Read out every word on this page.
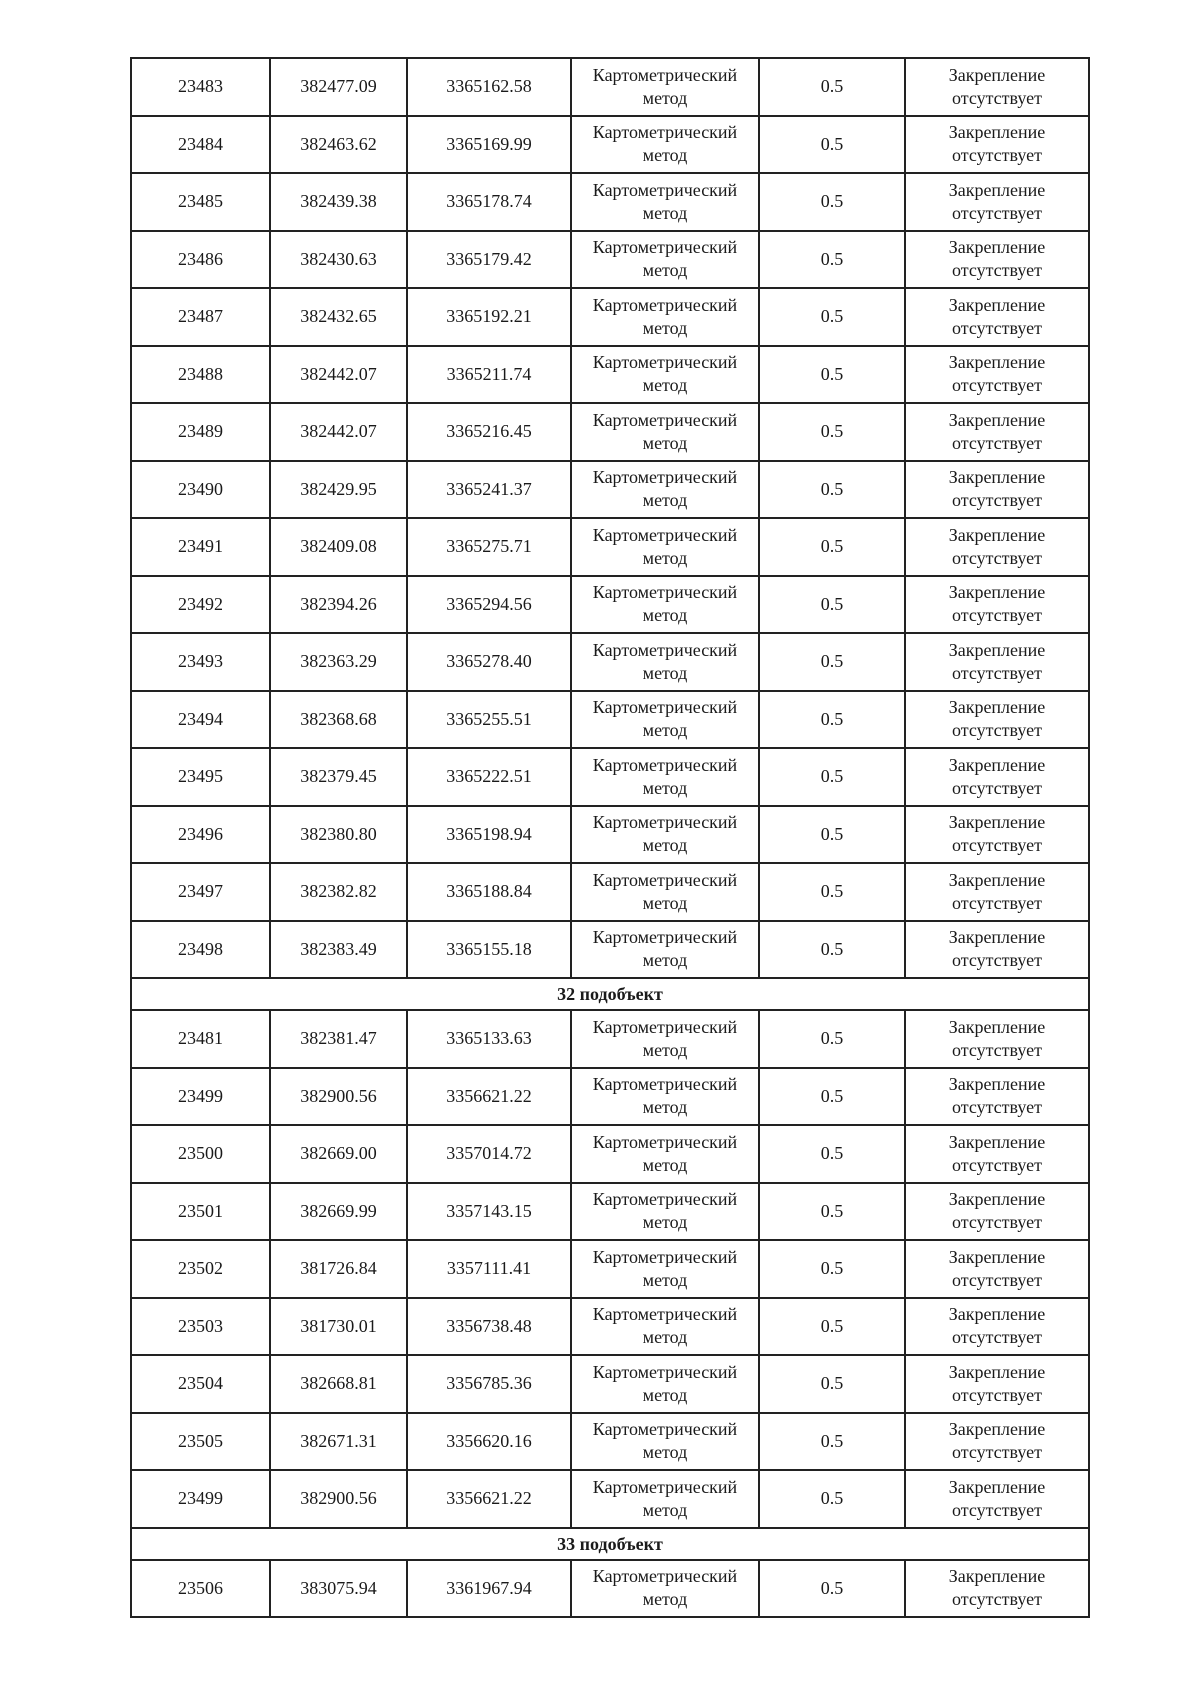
23483	382477.09	3365162.58	Картометрический метод	0.5	Закрепление отсутствует
23484	382463.62	3365169.99	Картометрический метод	0.5	Закрепление отсутствует
23485	382439.38	3365178.74	Картометрический метод	0.5	Закрепление отсутствует
23486	382430.63	3365179.42	Картометрический метод	0.5	Закрепление отсутствует
23487	382432.65	3365192.21	Картометрический метод	0.5	Закрепление отсутствует
23488	382442.07	3365211.74	Картометрический метод	0.5	Закрепление отсутствует
23489	382442.07	3365216.45	Картометрический метод	0.5	Закрепление отсутствует
23490	382429.95	3365241.37	Картометрический метод	0.5	Закрепление отсутствует
23491	382409.08	3365275.71	Картометрический метод	0.5	Закрепление отсутствует
23492	382394.26	3365294.56	Картометрический метод	0.5	Закрепление отсутствует
23493	382363.29	3365278.40	Картометрический метод	0.5	Закрепление отсутствует
23494	382368.68	3365255.51	Картометрический метод	0.5	Закрепление отсутствует
23495	382379.45	3365222.51	Картометрический метод	0.5	Закрепление отсутствует
23496	382380.80	3365198.94	Картометрический метод	0.5	Закрепление отсутствует
23497	382382.82	3365188.84	Картометрический метод	0.5	Закрепление отсутствует
23498	382383.49	3365155.18	Картометрический метод	0.5	Закрепление отсутствует
32 подобъект					
23481	382381.47	3365133.63	Картометрический метод	0.5	Закрепление отсутствует
23499	382900.56	3356621.22	Картометрический метод	0.5	Закрепление отсутствует
23500	382669.00	3357014.72	Картометрический метод	0.5	Закрепление отсутствует
23501	382669.99	3357143.15	Картометрический метод	0.5	Закрепление отсутствует
23502	381726.84	3357111.41	Картометрический метод	0.5	Закрепление отсутствует
23503	381730.01	3356738.48	Картометрический метод	0.5	Закрепление отсутствует
23504	382668.81	3356785.36	Картометрический метод	0.5	Закрепление отсутствует
23505	382671.31	3356620.16	Картометрический метод	0.5	Закрепление отсутствует
23499	382900.56	3356621.22	Картометрический метод	0.5	Закрепление отсутствует
33 подобъект					
23506	383075.94	3361967.94	Картометрический метод	0.5	Закрепление отсутствует
